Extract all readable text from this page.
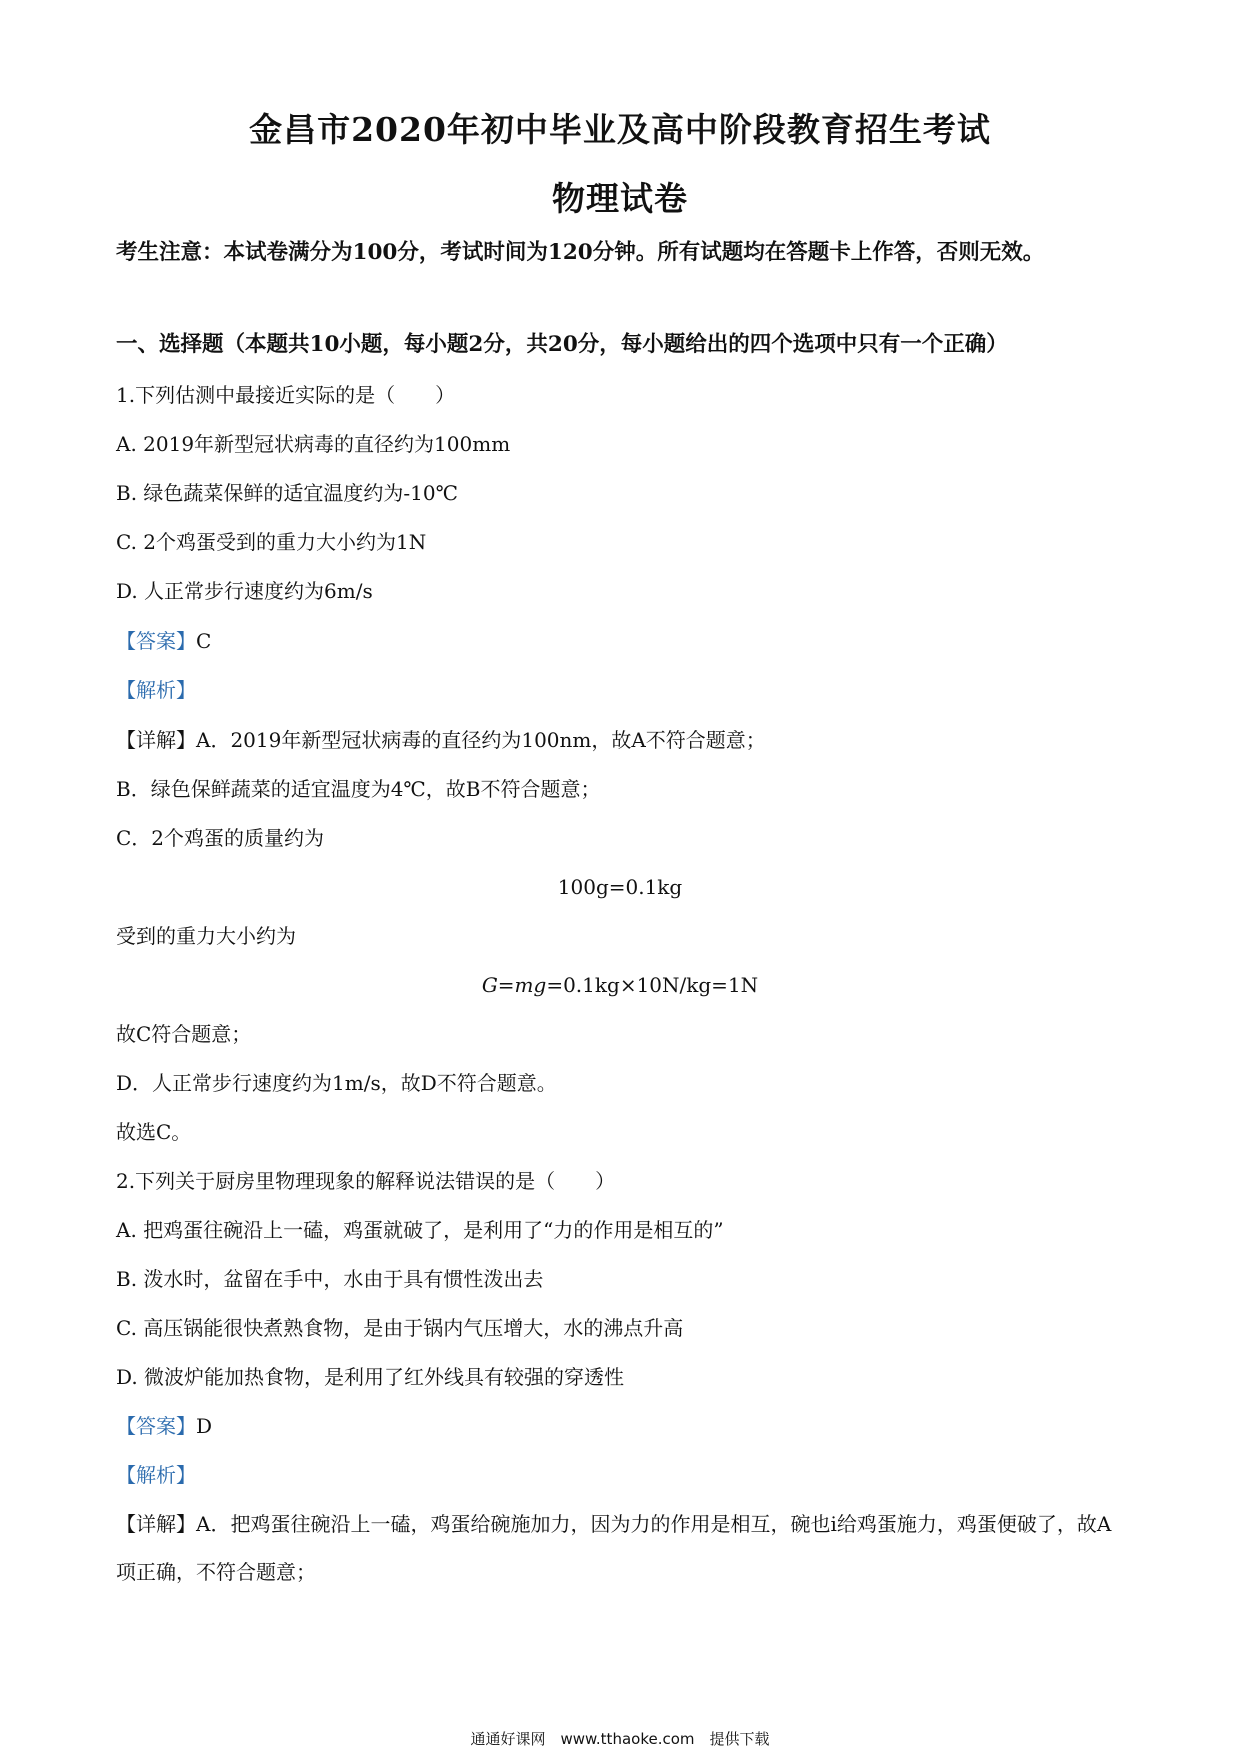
金昌市2020年初中毕业及高中阶段教育招生考试
物理试卷
考生注意：本试卷满分为100分，考试时间为120分钟。所有试题均在答题卡上作答，否则无效。
一、选择题（本题共10小题，每小题2分，共20分，每小题给出的四个选项中只有一个正确）
1.下列估测中最接近实际的是（　　）
A. 2019年新型冠状病毒的直径约为100mm
B. 绿色蔬菜保鲜的适宜温度约为-10℃
C. 2个鸡蛋受到的重力大小约为1N
D. 人正常步行速度约为6m/s
【答案】C
【解析】
【详解】A．2019年新型冠状病毒的直径约为100nm，故A不符合题意；
B．绿色保鲜蔬菜的适宜温度为4℃，故B不符合题意；
C．2个鸡蛋的质量约为
100g=0.1kg
受到的重力大小约为
G=mg=0.1kg×10N/kg=1N
故C符合题意；
D．人正常步行速度约为1m/s，故D不符合题意。
故选C。
2.下列关于厨房里物理现象的解释说法错误的是（　　）
A. 把鸡蛋往碗沿上一磕，鸡蛋就破了，是利用了“力的作用是相互的”
B. 泼水时，盆留在手中，水由于具有惯性泼出去
C. 高压锅能很快煮熟食物，是由于锅内气压增大，水的沸点升高
D. 微波炉能加热食物，是利用了红外线具有较强的穿透性
【答案】D
【解析】
【详解】A．把鸡蛋往碗沿上一磕，鸡蛋给碗施加力，因为力的作用是相互，碗也i给鸡蛋施力，鸡蛋便破了，故A项正确，不符合题意；
通通好课网　www.tthaoke.com　提供下载
